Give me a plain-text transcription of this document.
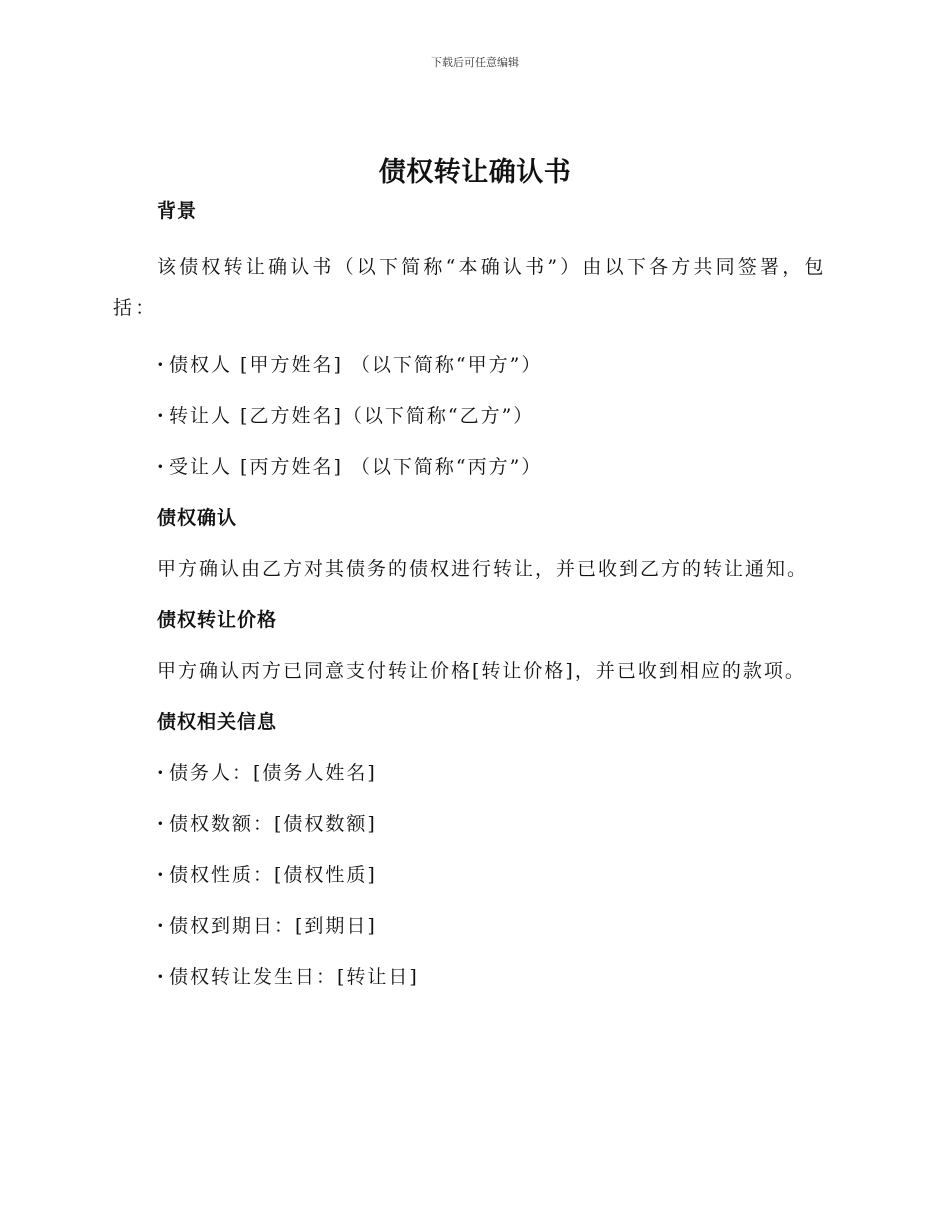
下载后可任意编辑
债权转让确认书

背景

该债权转让确认书（以下简称“本确认书”）由以下各方共同签署，包括：

· 债权人 [甲方姓名] （以下简称“甲方”）

· 转让人 [乙方姓名]（以下简称“乙方”）

· 受让人 [丙方姓名] （以下简称“丙方”）

债权确认

甲方确认由乙方对其债务的债权进行转让，并已收到乙方的转让通知。

债权转让价格

甲方确认丙方已同意支付转让价格[转让价格]，并已收到相应的款项。

债权相关信息

· 债务人：[债务人姓名]

· 债权数额：[债权数额]

· 债权性质：[债权性质]

· 债权到期日：[到期日]

· 债权转让发生日：[转让日]
